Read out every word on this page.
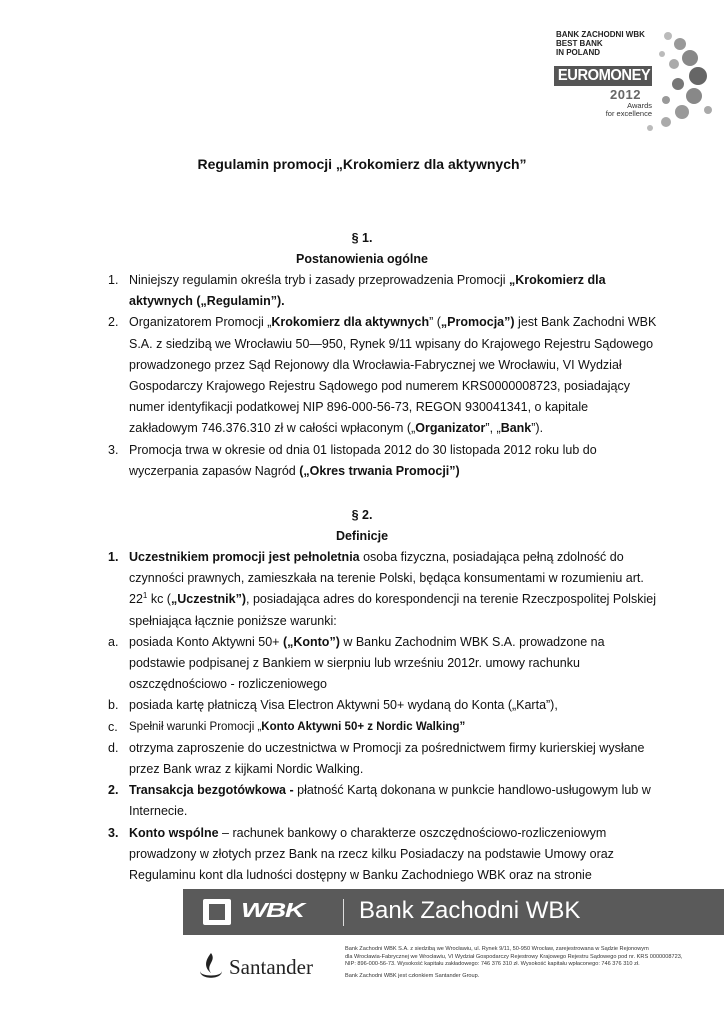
BANK ZACHODNI WBK
BEST BANK
IN POLAND
EUROMONEY
2012
Awards
for excellence
Regulamin promocji „Krokomierz dla aktywnych”
§ 1.
Postanowienia ogólne
1. Niniejszy regulamin określa tryb i zasady przeprowadzenia Promocji „Krokomierz dla
aktywnych („Regulamin”).
2. Organizatorem Promocji „Krokomierz dla aktywnych” („Promocja”) jest Bank Zachodni WBK
S.A. z siedzibą we Wrocławiu 50—950, Rynek 9/11 wpisany do Krajowego Rejestru Sądowego
prowadzonego przez Sąd Rejonowy dla Wrocławia-Fabrycznej we Wrocławiu, VI Wydział
Gospodarczy Krajowego Rejestru Sądowego pod numerem KRS0000008723, posiadający
numer identyfikacji podatkowej NIP 896-000-56-73, REGON 930041341, o kapitale
zakładowym 746.376.310 zł w całości wpłaconym („Organizator”, „Bank”).
3. Promocja trwa w okresie od dnia 01 listopada 2012 do 30 listopada 2012 roku lub do
wyczerpania zapasów Nagród („Okres trwania Promocji”)
§ 2.
Definicje
1. Uczestnikiem promocji jest pełnoletnia osoba fizyczna, posiadająca pełną zdolność do
czynności prawnych, zamieszkała na terenie Polski, będąca konsumentami w rozumieniu art.
$22^1$ kc („Uczestnik”), posiadająca adres do korespondencji na terenie Rzeczpospolitej Polskiej
spełniająca łącznie poniższe warunki:
a. posiada Konto Aktywni 50+ („Konto”) w Banku Zachodnim WBK S.A. prowadzone na
podstawie podpisanej z Bankiem w sierpniu lub wrześniu 2012r. umowy rachunku
oszczędnościowo - rozliczeniowego
b. posiada kartę płatniczą Visa Electron Aktywni 50+ wydaną do Konta („Karta”),
c. Spełnił warunki Promocji „Konto Aktywni 50+ z Nordic Walking”
d. otrzyma zaproszenie do uczestnictwa w Promocji za pośrednictwem firmy kurierskiej wysłane
przez Bank wraz z kijkami Nordic Walking.
2. Transakcja bezgotówkowa - płatność Kartą dokonana w punkcie handlowo-usługowym lub w
Internecie.
3. Konto wspólne – rachunek bankowy o charakterze oszczędnościowo-rozliczeniowym
prowadzony w złotych przez Bank na rzecz kilku Posiadaczy na podstawie Umowy oraz
Regulaminu kont dla ludności dostępny w Banku Zachodniego WBK oraz na stronie
WBK Bank Zachodni WBK
Santander
Bank Zachodni WBK S.A. z siedzibą we Wrocławiu, ul. Rynek 9/11, 50-950 Wrocław, zarejestrowana w Sądzie Rejonowym
dla Wrocławia-Fabrycznej we Wrocławiu, VI Wydział Gospodarczy Rejestrowy Krajowego Rejestru Sądowego pod nr. KRS 0000008723,
NIP: 896-000-56-73. Wysokość kapitału zakładowego: 746 376 310 zł. Wysokość kapitału wpłaconego: 746 376 310 zł.
Bank Zachodni WBK jest członkiem Santander Group.
